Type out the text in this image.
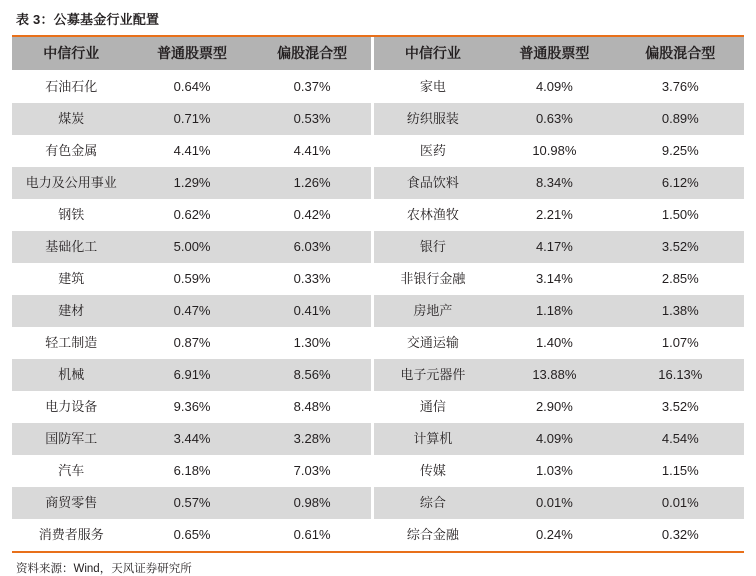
表 3：公募基金行业配置
中信行业	普通股票型	偏股混合型		中信行业	普通股票型	偏股混合型
石油石化	0.64%	0.37%		家电	4.09%	3.76%
煤炭	0.71%	0.53%		纺织服装	0.63%	0.89%
有色金属	4.41%	4.41%		医药	10.98%	9.25%
电力及公用事业	1.29%	1.26%		食品饮料	8.34%	6.12%
钢铁	0.62%	0.42%		农林渔牧	2.21%	1.50%
基础化工	5.00%	6.03%		银行	4.17%	3.52%
建筑	0.59%	0.33%		非银行金融	3.14%	2.85%
建材	0.47%	0.41%		房地产	1.18%	1.38%
轻工制造	0.87%	1.30%		交通运输	1.40%	1.07%
机械	6.91%	8.56%		电子元器件	13.88%	16.13%
电力设备	9.36%	8.48%		通信	2.90%	3.52%
国防军工	3.44%	3.28%		计算机	4.09%	4.54%
汽车	6.18%	7.03%		传媒	1.03%	1.15%
商贸零售	0.57%	0.98%		综合	0.01%	0.01%
消费者服务	0.65%	0.61%		综合金融	0.24%	0.32%
资料来源：Wind，天风证券研究所
